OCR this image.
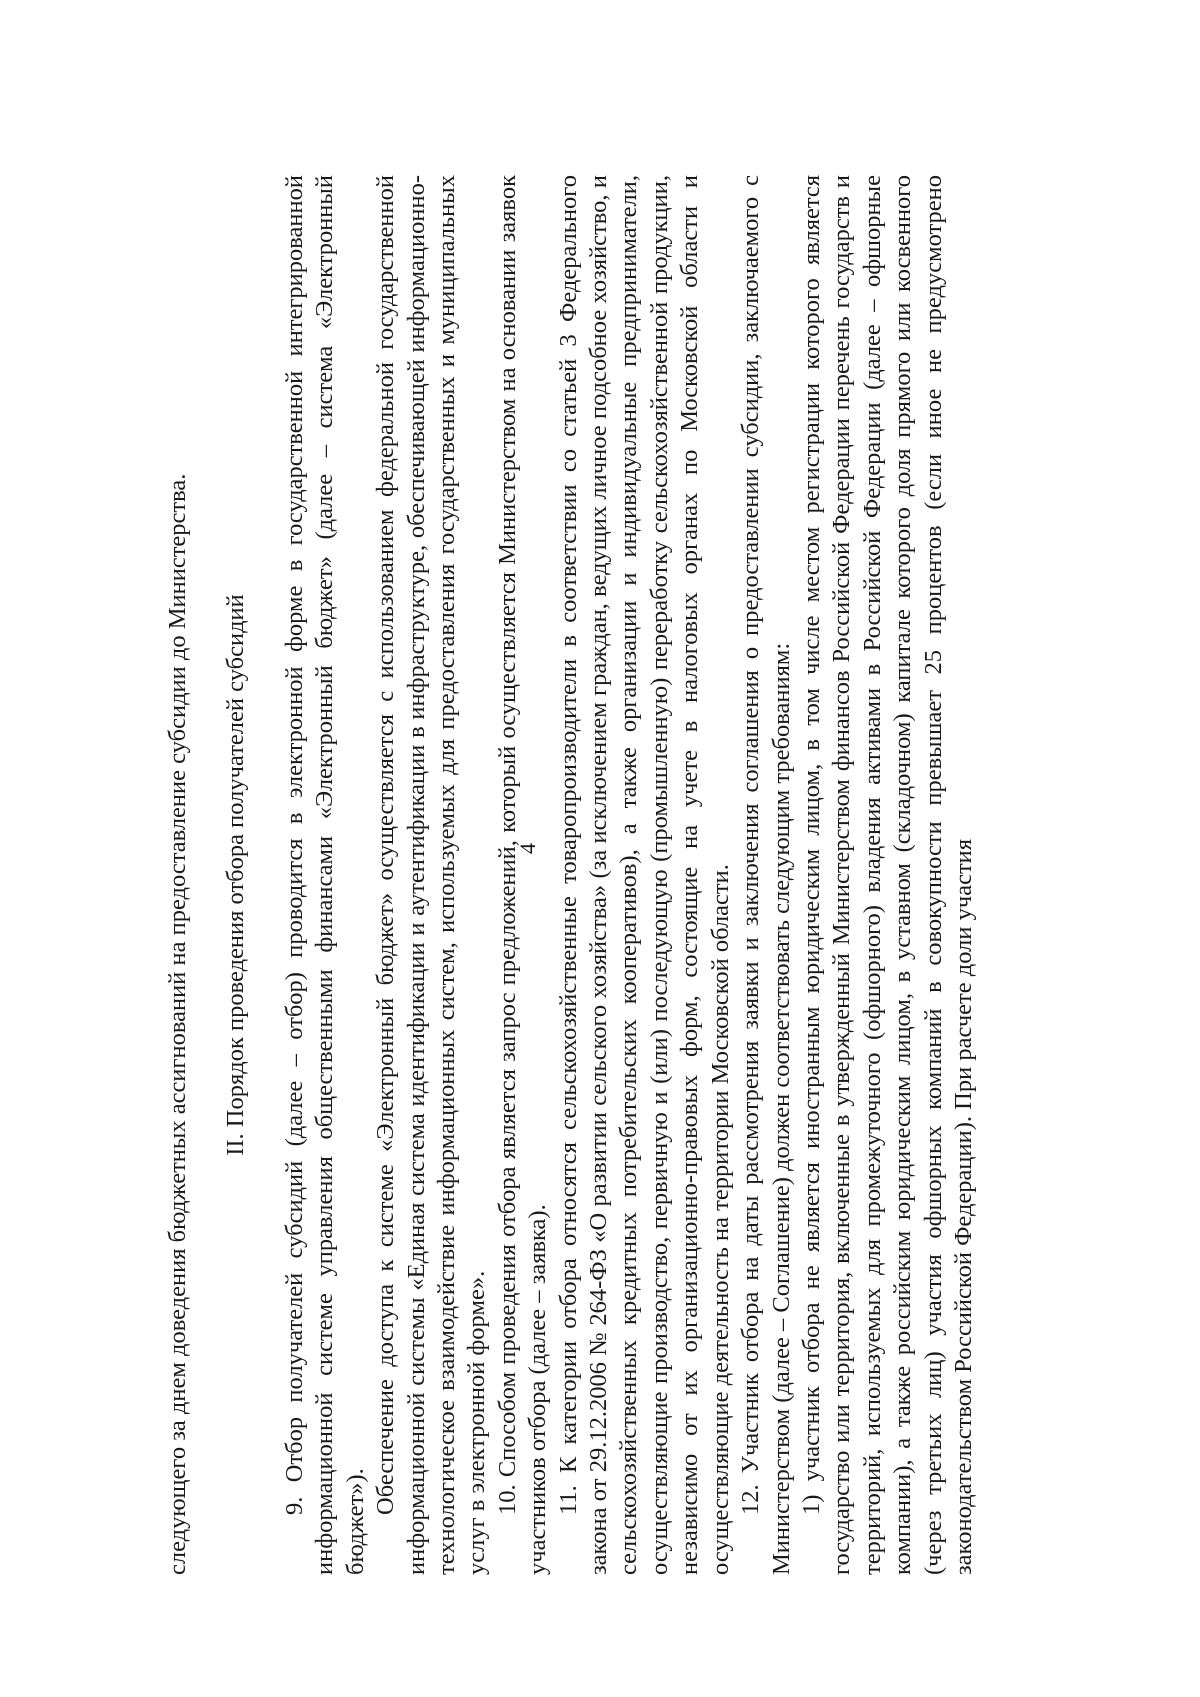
4

следующего за днем доведения бюджетных ассигнований на предоставление субсидии до Министерства. II. Порядок проведения отбора получателей субсидий 9. Отбор получателей субсидий (далее – отбор) проводится в электронной форме в государственной интегрированной информационной системе управления общественными финансами «Электронный бюджет» (далее – система «Электронный бюджет»).

Обеспечение доступа к системе «Электронный бюджет» осуществляется с использованием федеральной государственной информационной системы «Единая система идентификации и аутентификации в инфраструктуре, обеспечивающей информационно-технологическое взаимодействие информационных систем, используемых для предоставления государственных и муниципальных услуг в электронной форме». 10. Способом проведения отбора является запрос предложений, который осуществляется Министерством на основании заявок участников отбора (далее – заявка). 11. К категории отбора относятся сельскохозяйственные товаропроизводители в соответствии со статьей 3 Федерального закона от 29.12.2006 № 264-ФЗ «О развитии сельского хозяйства» (за исключением граждан, ведущих личное подсобное хозяйство, и сельскохозяйственных кредитных потребительских кооперативов), а также организации и индивидуальные предприниматели, осуществляющие производство, первичную и (или) последующую (промышленную) переработку сельскохозяйственной продукции, независимо от их организационно-правовых форм, состоящие на учете в налоговых органах по Московской области и осуществляющие деятельность на территории Московской области. 12. Участник отбора на даты рассмотрения заявки и заключения соглашения о предоставлении субсидии, заключаемого с Министерством (далее – Соглашение) должен соответствовать следующим требованиям: 1) участник отбора не является иностранным юридическим лицом, в том числе местом регистрации которого является государство или территория, включенные в утвержденный Министерством финансов Российской Федерации перечень государств и территорий, используемых для промежуточного (офшорного) владения активами в Российской Федерации (далее – офшорные компании), а также российским юридическим лицом, в уставном (складочном) капитале которого доля прямого или косвенного (через третьих лиц) участия офшорных компаний в совокупности превышает 25 процентов (если иное не предусмотрено законодательством Российской Федерации). При расчете доли участия
